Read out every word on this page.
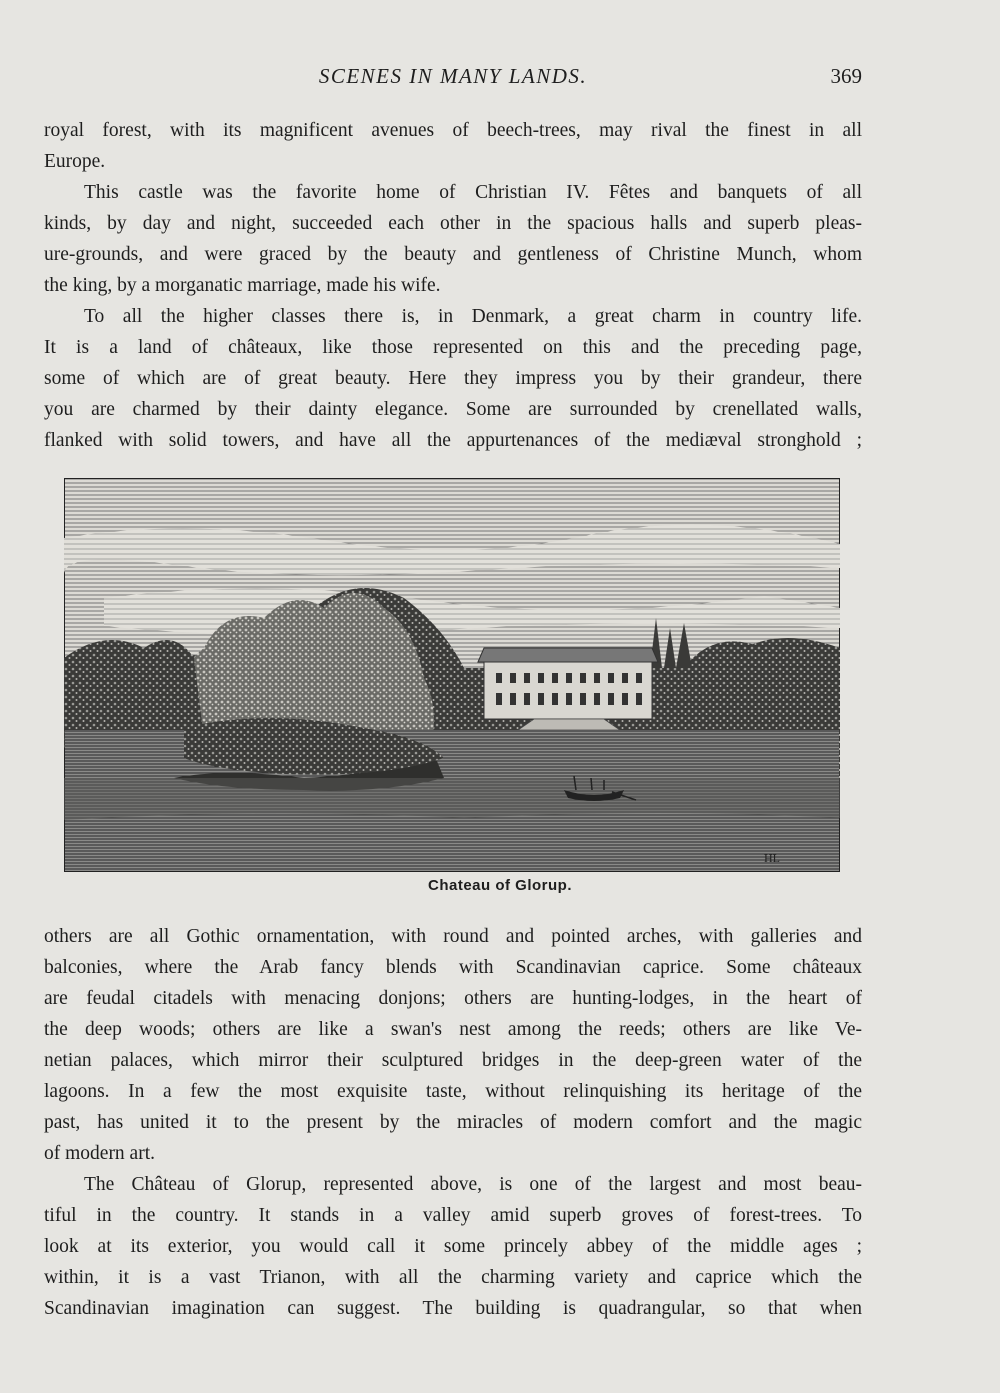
SCENES IN MANY LANDS.	369

royal forest, with its magnificent avenues of beech-trees, may rival the finest in all
Europe.

This castle was the favorite home of Christian IV. Fêtes and banquets of all
kinds, by day and night, succeeded each other in the spacious halls and superb pleas-
ure-grounds, and were graced by the beauty and gentleness of Christine Munch, whom
the king, by a morganatic marriage, made his wife.

To all the higher classes there is, in Denmark, a great charm in country life.
It is a land of châteaux, like those represented on this and the preceding page,
some of which are of great beauty. Here they impress you by their grandeur, there
you are charmed by their dainty elegance. Some are surrounded by crenellated walls,
flanked with solid towers, and have all the appurtenances of the mediæval stronghold ;

HL
Chateau of Glorup.

others are all Gothic ornamentation, with round and pointed arches, with galleries and
balconies, where the Arab fancy blends with Scandinavian caprice. Some châteaux
are feudal citadels with menacing donjons; others are hunting-lodges, in the heart of
the deep woods; others are like a swan's nest among the reeds; others are like Ve-
netian palaces, which mirror their sculptured bridges in the deep-green water of the
lagoons. In a few the most exquisite taste, without relinquishing its heritage of the
past, has united it to the present by the miracles of modern comfort and the magic
of modern art.

The Château of Glorup, represented above, is one of the largest and most beau-
tiful in the country. It stands in a valley amid superb groves of forest-trees. To
look at its exterior, you would call it some princely abbey of the middle ages ;
within, it is a vast Trianon, with all the charming variety and caprice which the
Scandinavian imagination can suggest. The building is quadrangular, so that when
